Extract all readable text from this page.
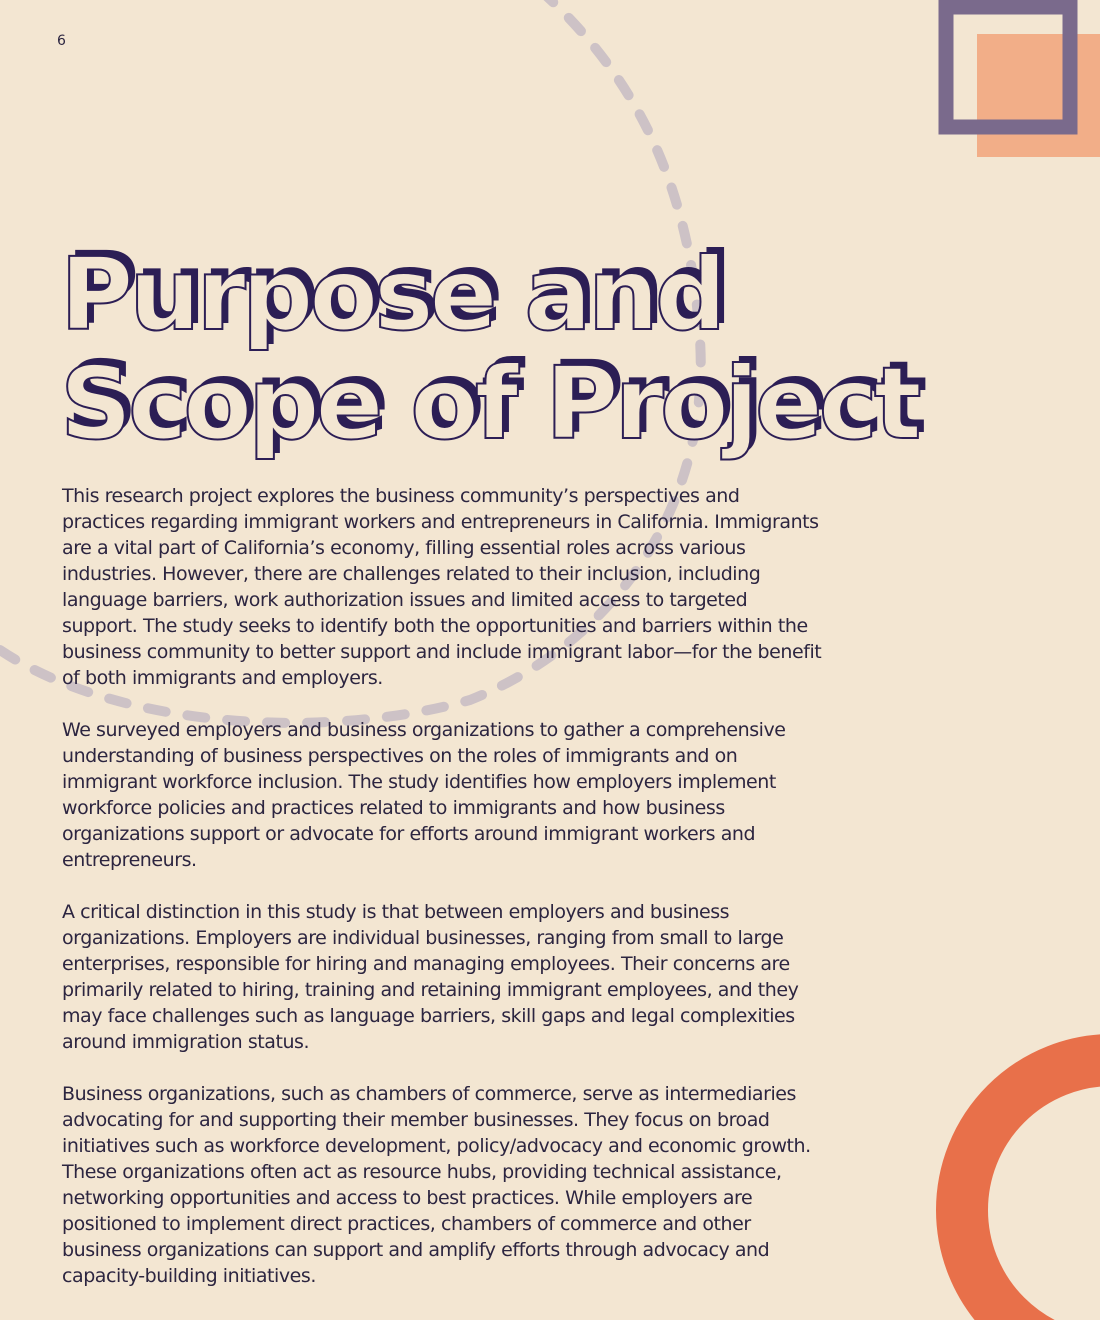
6
Purpose and
Scope of Project

This research project explores the business community’s perspectives and practices regarding immigrant workers and entrepreneurs in California. Immigrants are a vital part of California’s economy, filling essential roles across various industries. However, there are challenges related to their inclusion, including language barriers, work authorization issues and limited access to targeted support. The study seeks to identify both the opportunities and barriers within the business community to better support and include immigrant labor—for the benefit of both immigrants and employers.

We surveyed employers and business organizations to gather a comprehensive understanding of business perspectives on the roles of immigrants and on immigrant workforce inclusion. The study identifies how employers implement workforce policies and practices related to immigrants and how business organizations support or advocate for efforts around immigrant workers and entrepreneurs.

A critical distinction in this study is that between employers and business organizations. Employers are individual businesses, ranging from small to large enterprises, responsible for hiring and managing employees. Their concerns are primarily related to hiring, training and retaining immigrant employees, and they may face challenges such as language barriers, skill gaps and legal complexities around immigration status.

Business organizations, such as chambers of commerce, serve as intermediaries advocating for and supporting their member businesses. They focus on broad initiatives such as workforce development, policy/advocacy and economic growth. These organizations often act as resource hubs, providing technical assistance, networking opportunities and access to best practices. While employers are positioned to implement direct practices, chambers of commerce and other business organizations can support and amplify efforts through advocacy and capacity-building initiatives.
